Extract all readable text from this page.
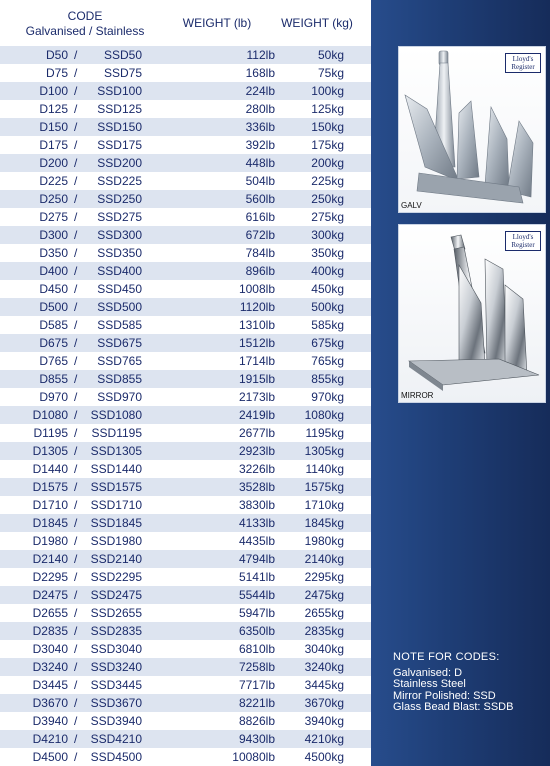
CODE
Galvanised / Stainless
WEIGHT (lb)	WEIGHT (kg)
D50 / SSD50	112lb	50kg
D75 / SSD75	168lb	75kg
D100 / SSD100	224lb	100kg
D125 / SSD125	280lb	125kg
D150 / SSD150	336lb	150kg
D175 / SSD175	392lb	175kg
D200 / SSD200	448lb	200kg
D225 / SSD225	504lb	225kg
D250 / SSD250	560lb	250kg
D275 / SSD275	616lb	275kg
D300 / SSD300	672lb	300kg
D350 / SSD350	784lb	350kg
D400 / SSD400	896lb	400kg
D450 / SSD450	1008lb	450kg
D500 / SSD500	1120lb	500kg
D585 / SSD585	1310lb	585kg
D675 / SSD675	1512lb	675kg
D765 / SSD765	1714lb	765kg
D855 / SSD855	1915lb	855kg
D970 / SSD970	2173lb	970kg
D1080 / SSD1080	2419lb 1080kg
D1195 / SSD1195	2677lb	1195kg
D1305 / SSD1305	2923lb 1305kg
D1440 / SSD1440	3226lb	1140kg
D1575 / SSD1575	3528lb 1575kg
D1710 / SSD1710	3830lb 1710kg
D1845 / SSD1845	4133lb 1845kg
D1980 / SSD1980	4435lb 1980kg
D2140 / SSD2140	4794lb 2140kg
D2295 / SSD2295	5141lb 2295kg
D2475 / SSD2475	5544lb 2475kg
D2655 / SSD2655	5947lb 2655kg
D2835 / SSD2835	6350lb 2835kg
D3040 / SSD3040	6810lb 3040kg
D3240 / SSD3240	7258lb 3240kg
D3445 / SSD3445	7717lb 3445kg
D3670 / SSD3670	8221lb 3670kg
D3940 / SSD3940	8826lb 3940kg
D4210 / SSD4210	9430lb 4210kg
D4500 / SSD4500	10080lb 4500kg
Lloyd's
Register
GALV
Lloyd's
Register
MIRROR
NOTE FOR CODES:
Galvanised: D
Stainless Steel
Mirror Polished: SSD
Glass Bead Blast: SSDB
